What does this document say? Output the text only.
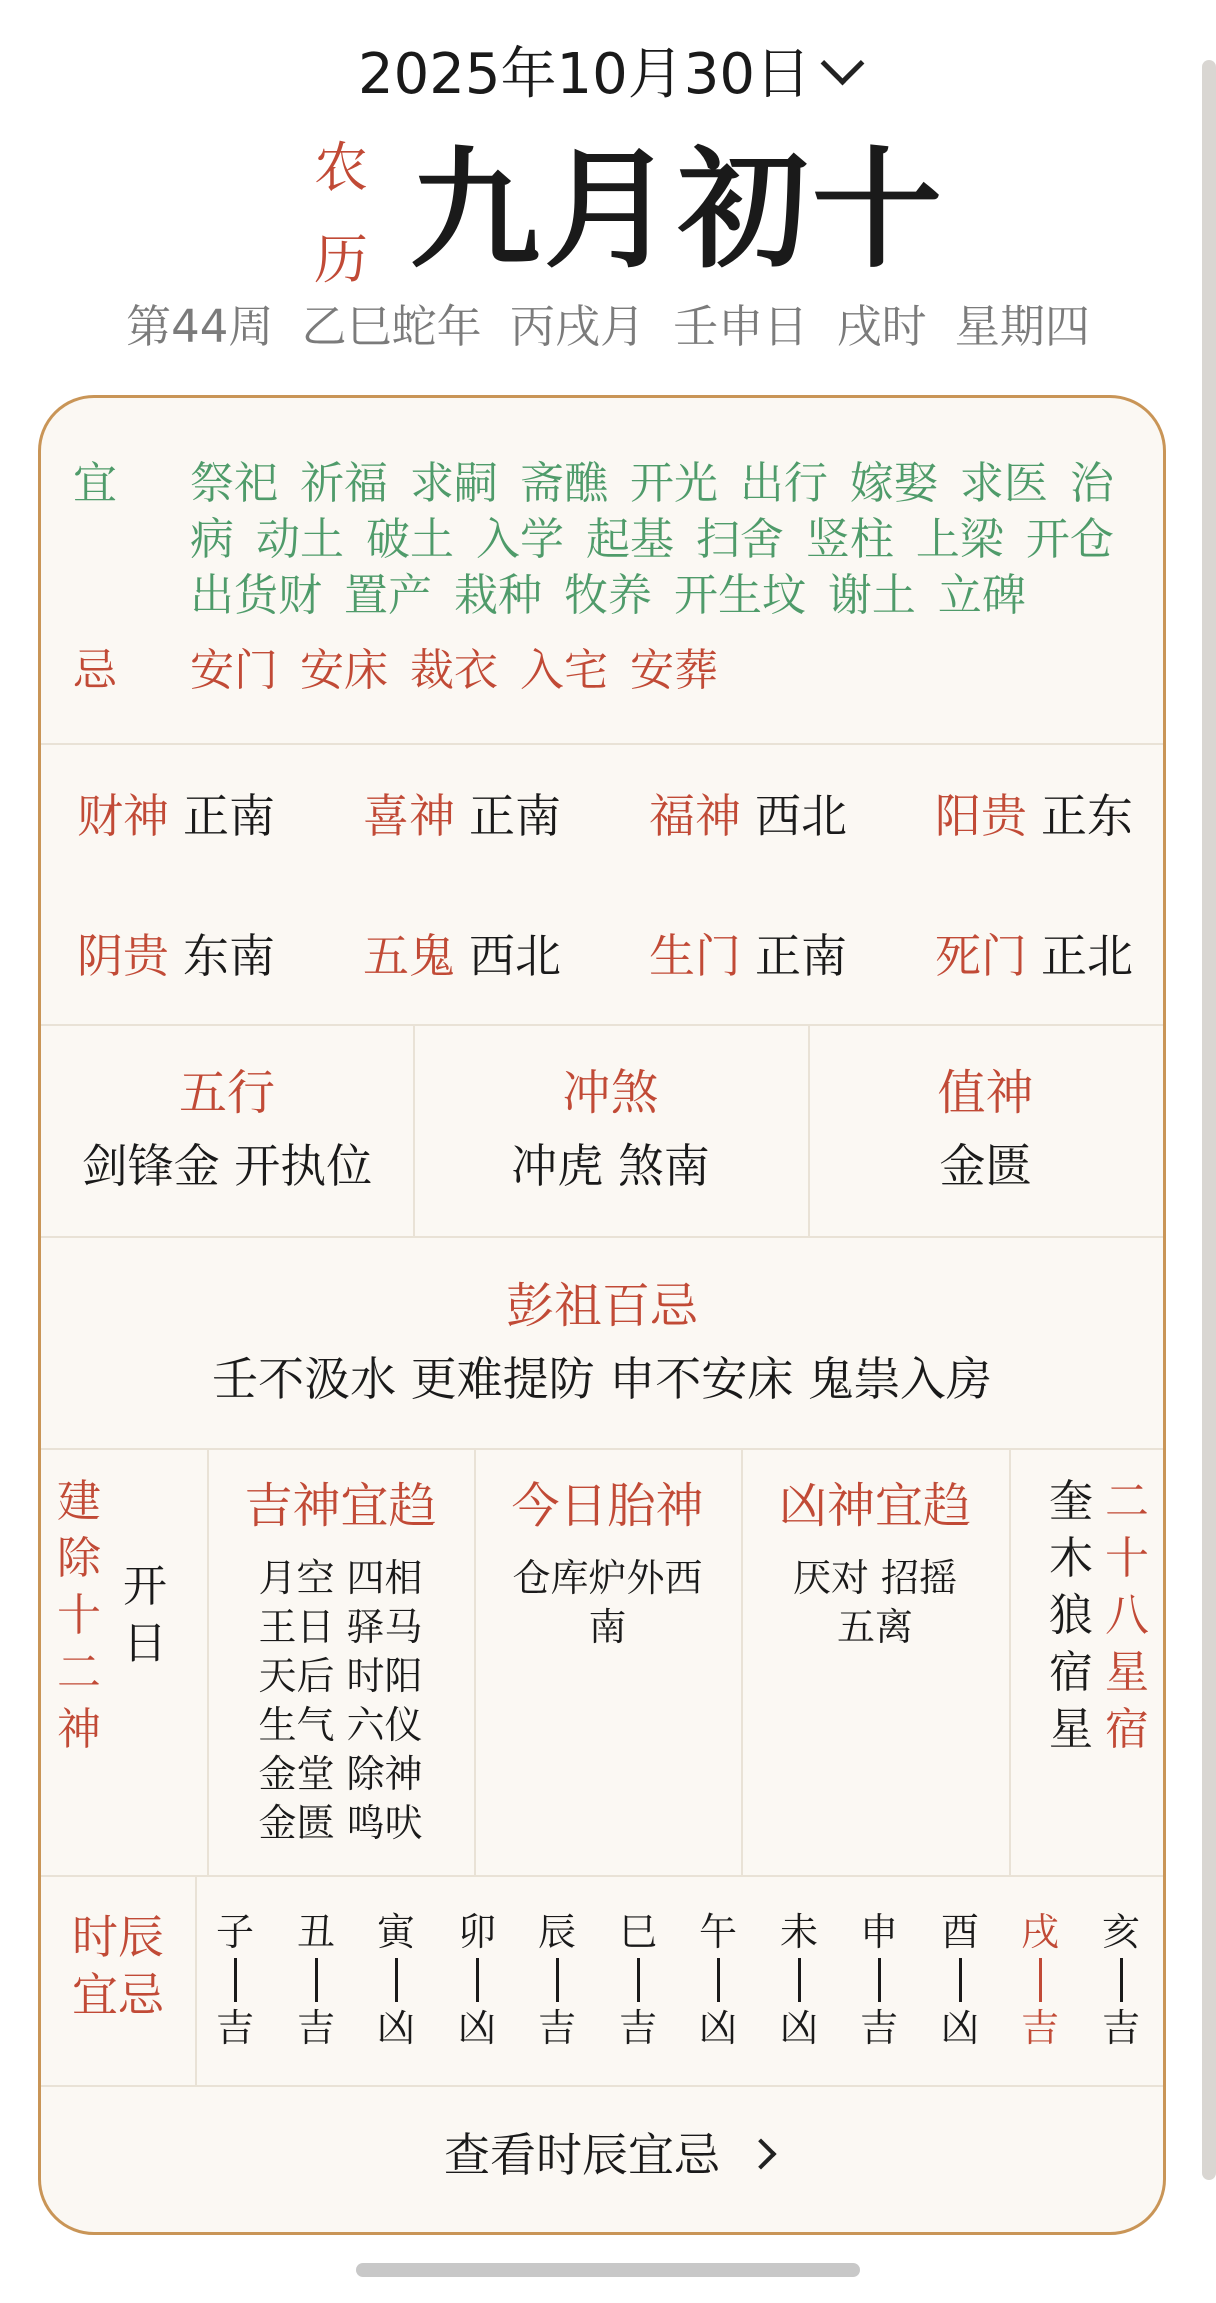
2025年10月30日
农
历 九月初十
第44周 乙巳蛇年 丙戌月 壬申日 戌时 星期四
宜	祭祀 祈福 求嗣 斋醮 开光 出行 嫁娶 求医 治病 动土 破土 入学 起基 扫舍 竖柱 上梁 开仓 出货财 置产 栽种 牧养 开生坟 谢土 立碑
忌	安门 安床 裁衣 入宅 安葬
财神 正南 喜神 正南 福神 西北 阳贵 正东
阴贵 东南 五鬼 西北 生门 正南 死门 正北
五行
剑锋金 开执位
冲煞
冲虎 煞南
值神
金匮
彭祖百忌
壬不汲水 更难提防 申不安床 鬼祟入房
建
除
十
二
神
开
日
吉神宜趋
月空 四相
王日 驿马
天后 时阳
生气 六仪
金堂 除神
金匮 鸣吠
今日胎神
仓库炉外西
南
凶神宜趋
厌对 招摇
五离
奎
木
狼
宿
星
二
十
八
星
宿
时辰
宜忌
子
吉
丑
吉
寅
凶
卯
凶
辰
吉
巳
吉
午
凶
未
凶
申
吉
酉
凶
戌
吉
亥
吉
查看时辰宜忌
